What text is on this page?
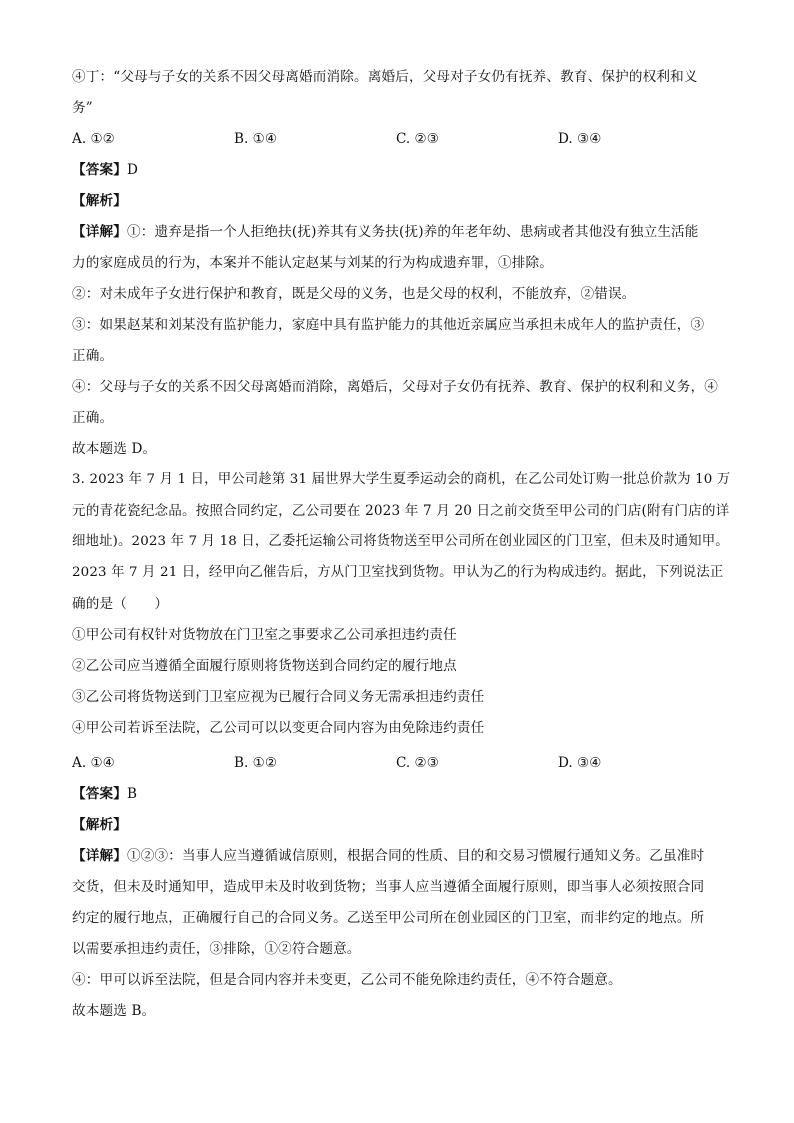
④丁：“父母与子女的关系不因父母离婚而消除。离婚后，父母对子女仍有抚养、教育、保护的权利和义
务”
A. ①②	B. ①④	C. ②③	D. ③④
【答案】D
【解析】
【详解】①：遗弃是指一个人拒绝扶(抚)养其有义务扶(抚)养的年老年幼、患病或者其他没有独立生活能
力的家庭成员的行为，本案并不能认定赵某与刘某的行为构成遗弃罪，①排除。
②：对未成年子女进行保护和教育，既是父母的义务，也是父母的权利，不能放弃，②错误。
③：如果赵某和刘某没有监护能力，家庭中具有监护能力的其他近亲属应当承担未成年人的监护责任，③
正确。
④：父母与子女的关系不因父母离婚而消除，离婚后，父母对子女仍有抚养、教育、保护的权利和义务，④
正确。
故本题选 D。
3. 2023 年 7 月 1 日，甲公司趁第 31 届世界大学生夏季运动会的商机，在乙公司处订购一批总价款为 10 万
元的青花瓷纪念品。按照合同约定，乙公司要在 2023 年 7 月 20 日之前交货至甲公司的门店(附有门店的详
细地址)。2023 年 7 月 18 日，乙委托运输公司将货物送至甲公司所在创业园区的门卫室，但未及时通知甲。
2023 年 7 月 21 日，经甲向乙催告后，方从门卫室找到货物。甲认为乙的行为构成违约。据此，下列说法正
确的是（　　）
①甲公司有权针对货物放在门卫室之事要求乙公司承担违约责任
②乙公司应当遵循全面履行原则将货物送到合同约定的履行地点
③乙公司将货物送到门卫室应视为已履行合同义务无需承担违约责任
④甲公司若诉至法院，乙公司可以以变更合同内容为由免除违约责任
A. ①④	B. ①②	C. ②③	D. ③④
【答案】B
【解析】
【详解】①②③：当事人应当遵循诚信原则，根据合同的性质、目的和交易习惯履行通知义务。乙虽准时
交货，但未及时通知甲，造成甲未及时收到货物；当事人应当遵循全面履行原则，即当事人必须按照合同
约定的履行地点，正确履行自己的合同义务。乙送至甲公司所在创业园区的门卫室，而非约定的地点。所
以需要承担违约责任，③排除，①②符合题意。
④：甲可以诉至法院，但是合同内容并未变更，乙公司不能免除违约责任，④不符合题意。
故本题选 B。
